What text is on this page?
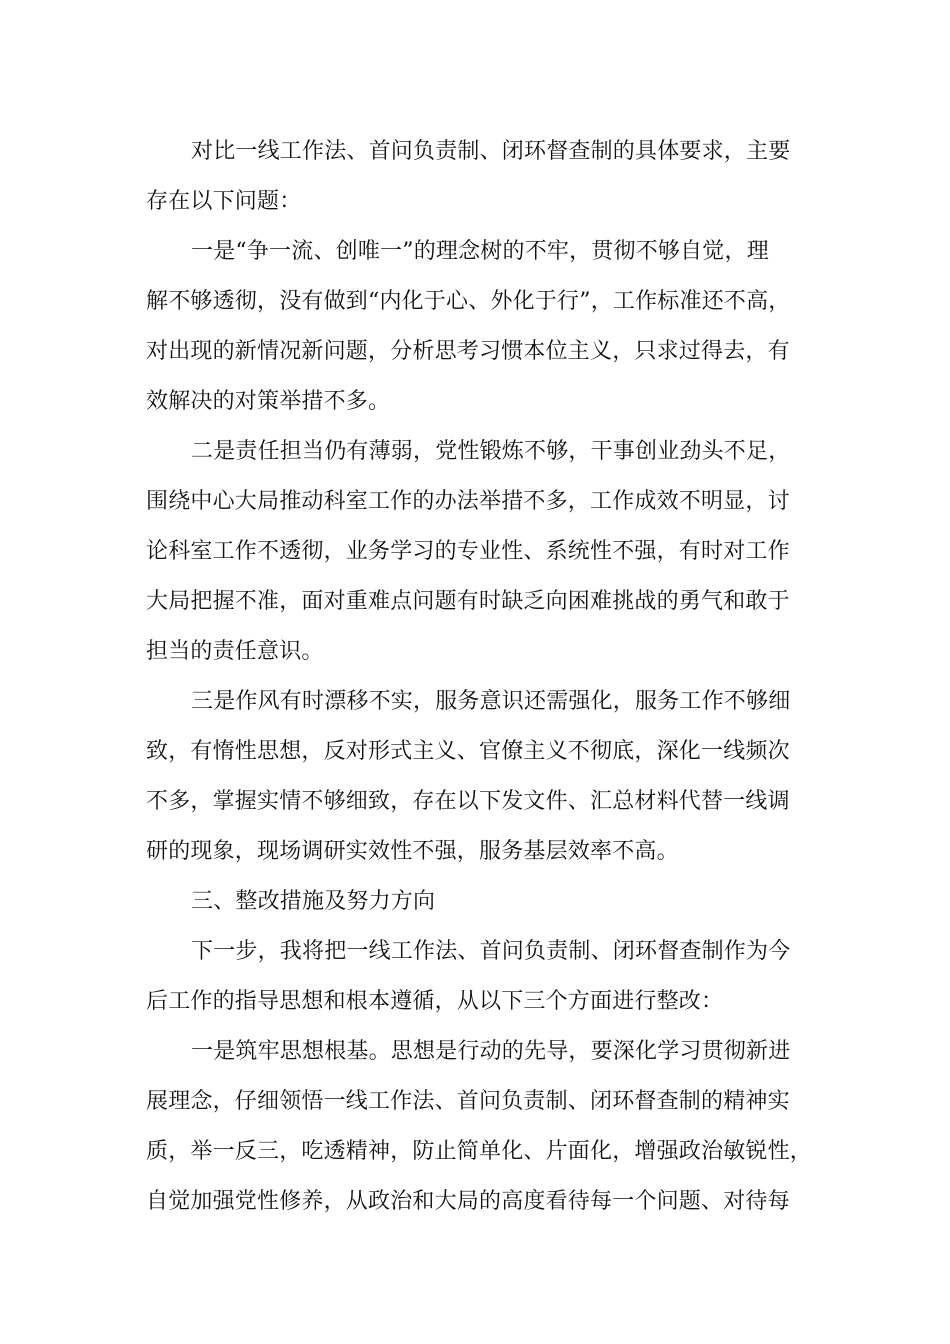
对比一线工作法、首问负责制、闭环督查制的具体要求，主要
存在以下问题：
一是“争一流、创唯一”的理念树的不牢，贯彻不够自觉，理
解不够透彻，没有做到“内化于心、外化于行”，工作标准还不高，
对出现的新情况新问题，分析思考习惯本位主义，只求过得去，有
效解决的对策举措不多。
二是责任担当仍有薄弱，党性锻炼不够，干事创业劲头不足，
围绕中心大局推动科室工作的办法举措不多，工作成效不明显，讨
论科室工作不透彻，业务学习的专业性、系统性不强，有时对工作
大局把握不准，面对重难点问题有时缺乏向困难挑战的勇气和敢于
担当的责任意识。
三是作风有时漂移不实，服务意识还需强化，服务工作不够细
致，有惰性思想，反对形式主义、官僚主义不彻底，深化一线频次
不多，掌握实情不够细致，存在以下发文件、汇总材料代替一线调
研的现象，现场调研实效性不强，服务基层效率不高。
三、整改措施及努力方向
下一步，我将把一线工作法、首问负责制、闭环督查制作为今
后工作的指导思想和根本遵循，从以下三个方面进行整改：
一是筑牢思想根基。思想是行动的先导，要深化学习贯彻新进
展理念，仔细领悟一线工作法、首问负责制、闭环督查制的精神实
质，举一反三，吃透精神，防止简单化、片面化，增强政治敏锐性，
自觉加强党性修养，从政治和大局的高度看待每一个问题、对待每
